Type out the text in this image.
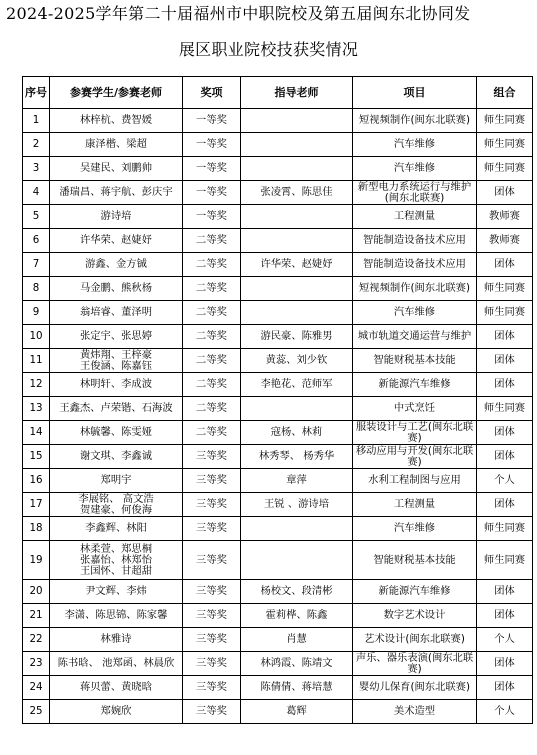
2024-2025学年第二十届福州市中职院校及第五届闽东北协同发
展区职业院校技获奖情况
序号	参赛学生/参赛老师	奖项	指导老师	项目	组合
1	林梓杭、费智媛	一等奖		短视频制作(闽东北联赛)	师生同赛
2	康泽楷、梁超	一等奖		汽车维修	师生同赛
3	吴建民、刘鹏帅	一等奖		汽车维修	师生同赛
4	潘瑞昌、蒋宇航、彭庆宇	一等奖	张凌霄、陈思佳	新型电力系统运行与维护(闽东北联赛)	团体
5	游诗培	一等奖		工程测量	教师赛
6	许华荣、赵婕妤	二等奖		智能制造设备技术应用	教师赛
7	游鑫、金方铖	二等奖	许华荣、赵婕妤	智能制造设备技术应用	团体
8	马金鹏、熊秋杨	二等奖		短视频制作(闽东北联赛)	师生同赛
9	翁培睿、董泽明	二等奖		汽车维修	师生同赛
10	张定宇、张思婷	二等奖	游民豪、陈雅男	城市轨道交通运营与维护	团体
11	黄炜翔、王梓豪
王俊涵、陈嘉钰	二等奖	黄蕊、刘少钦	智能财税基本技能	团体
12	林明轩、李成波	二等奖	李艳花、范师军	新能源汽车维修	团体
13	王鑫杰、卢荣锴、石海波	二等奖		中式烹饪	师生同赛
14	林毓馨、陈雯娅	二等奖	寇杨、林莉	服装设计与工艺(闽东北联赛)	团体
15	谢文琪、李鑫诚	三等奖	林秀琴、 杨秀华	移动应用与开发(闽东北联赛)	团体
16	郑明宇	三等奖	章萍	水利工程制图与应用	个人
17	李展铭、 高文浩
贺建豪、何俊海	三等奖	王锐 、游诗培	工程测量	团体
18	李鑫辉、林阳	三等奖		汽车维修	师生同赛
19	林柔萱、郑思桐
张嘉怡、林郑怡
王国怀、甘超甜	三等奖		智能财税基本技能	师生同赛
20	尹文辉、李炜	三等奖	杨校文、段清彬	新能源汽车维修	团体
21	李潇、陈思锦、陈家馨	三等奖	霍莉桦、陈鑫	数字艺术设计	团体
22	林雅诗	三等奖	肖慧	艺术设计(闽东北联赛)	个人
23	陈书晗、 池郑函、林晨欣	三等奖	林鸿霞、陈靖文	声乐、器乐表演(闽东北联赛)	团体
24	蒋贝蕾、黄晓晗	三等奖	陈倩倩、蒋培慧	婴幼儿保育(闽东北联赛)	团体
25	郑婉欣	三等奖	葛辉	美术造型	个人
